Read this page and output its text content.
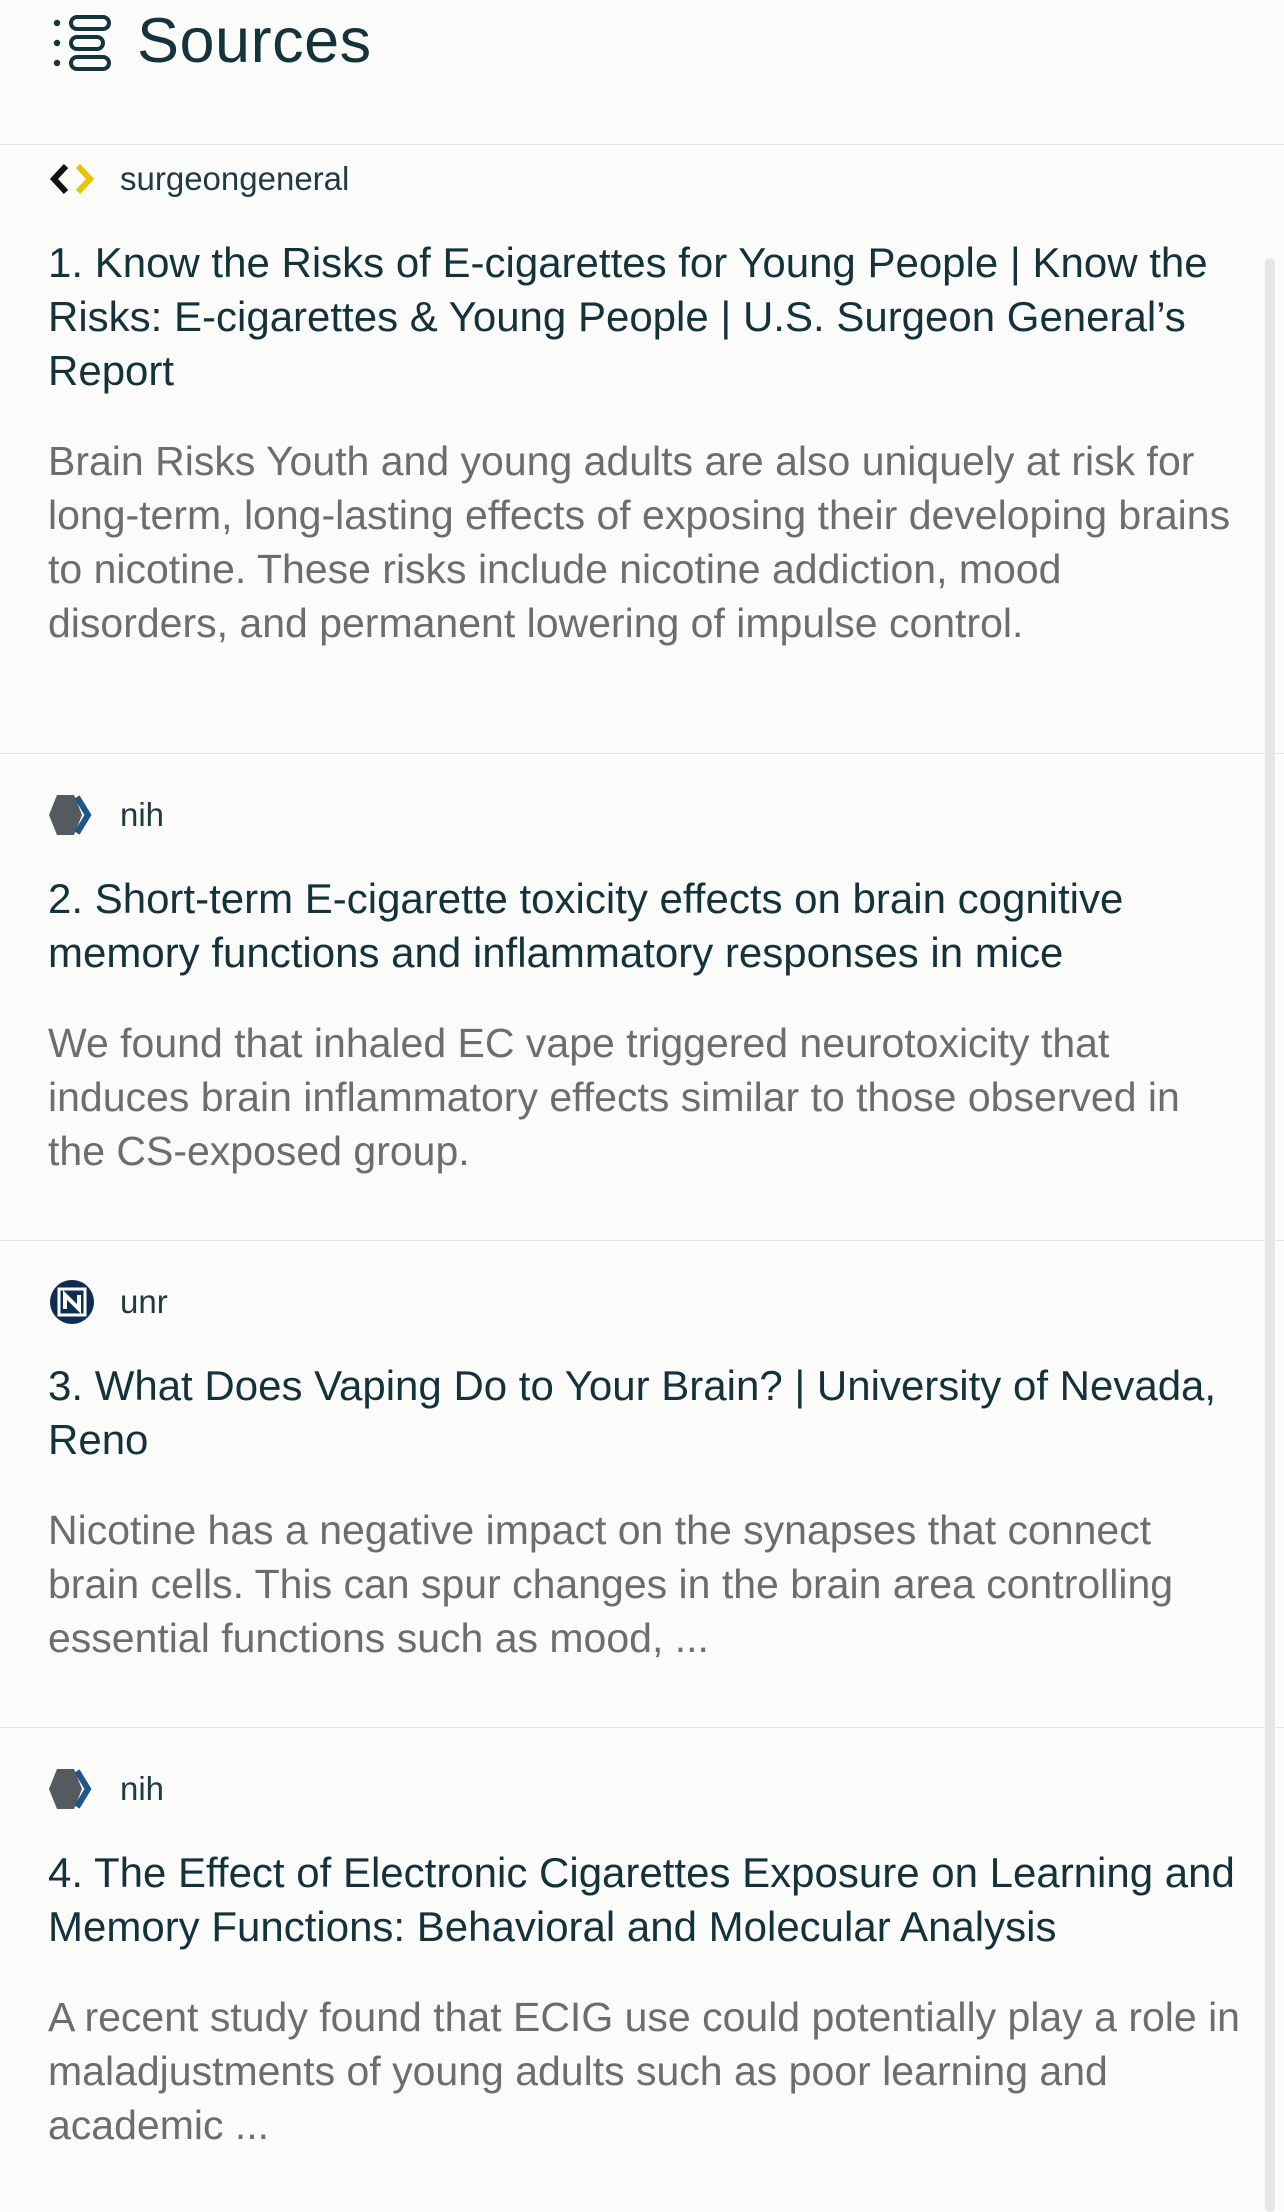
Sources
surgeongeneral
1. Know the Risks of E-cigarettes for Young People | Know the Risks: E-cigarettes & Young People | U.S. Surgeon General’s Report

Brain Risks Youth and young adults are also uniquely at risk for long-term, long-lasting effects of exposing their developing brains to nicotine. These risks include nicotine addiction, mood disorders, and permanent lowering of impulse control.

nih
2. Short-term E-cigarette toxicity effects on brain cognitive memory functions and inflammatory responses in mice

We found that inhaled EC vape triggered neurotoxicity that induces brain inflammatory effects similar to those observed in the CS-exposed group.

unr
3. What Does Vaping Do to Your Brain? | University of Nevada, Reno

Nicotine has a negative impact on the synapses that connect brain cells. This can spur changes in the brain area controlling essential functions such as mood, ...

nih
4. The Effect of Electronic Cigarettes Exposure on Learning and Memory Functions: Behavioral and Molecular Analysis

A recent study found that ECIG use could potentially play a role in maladjustments of young adults such as poor learning and academic ...
